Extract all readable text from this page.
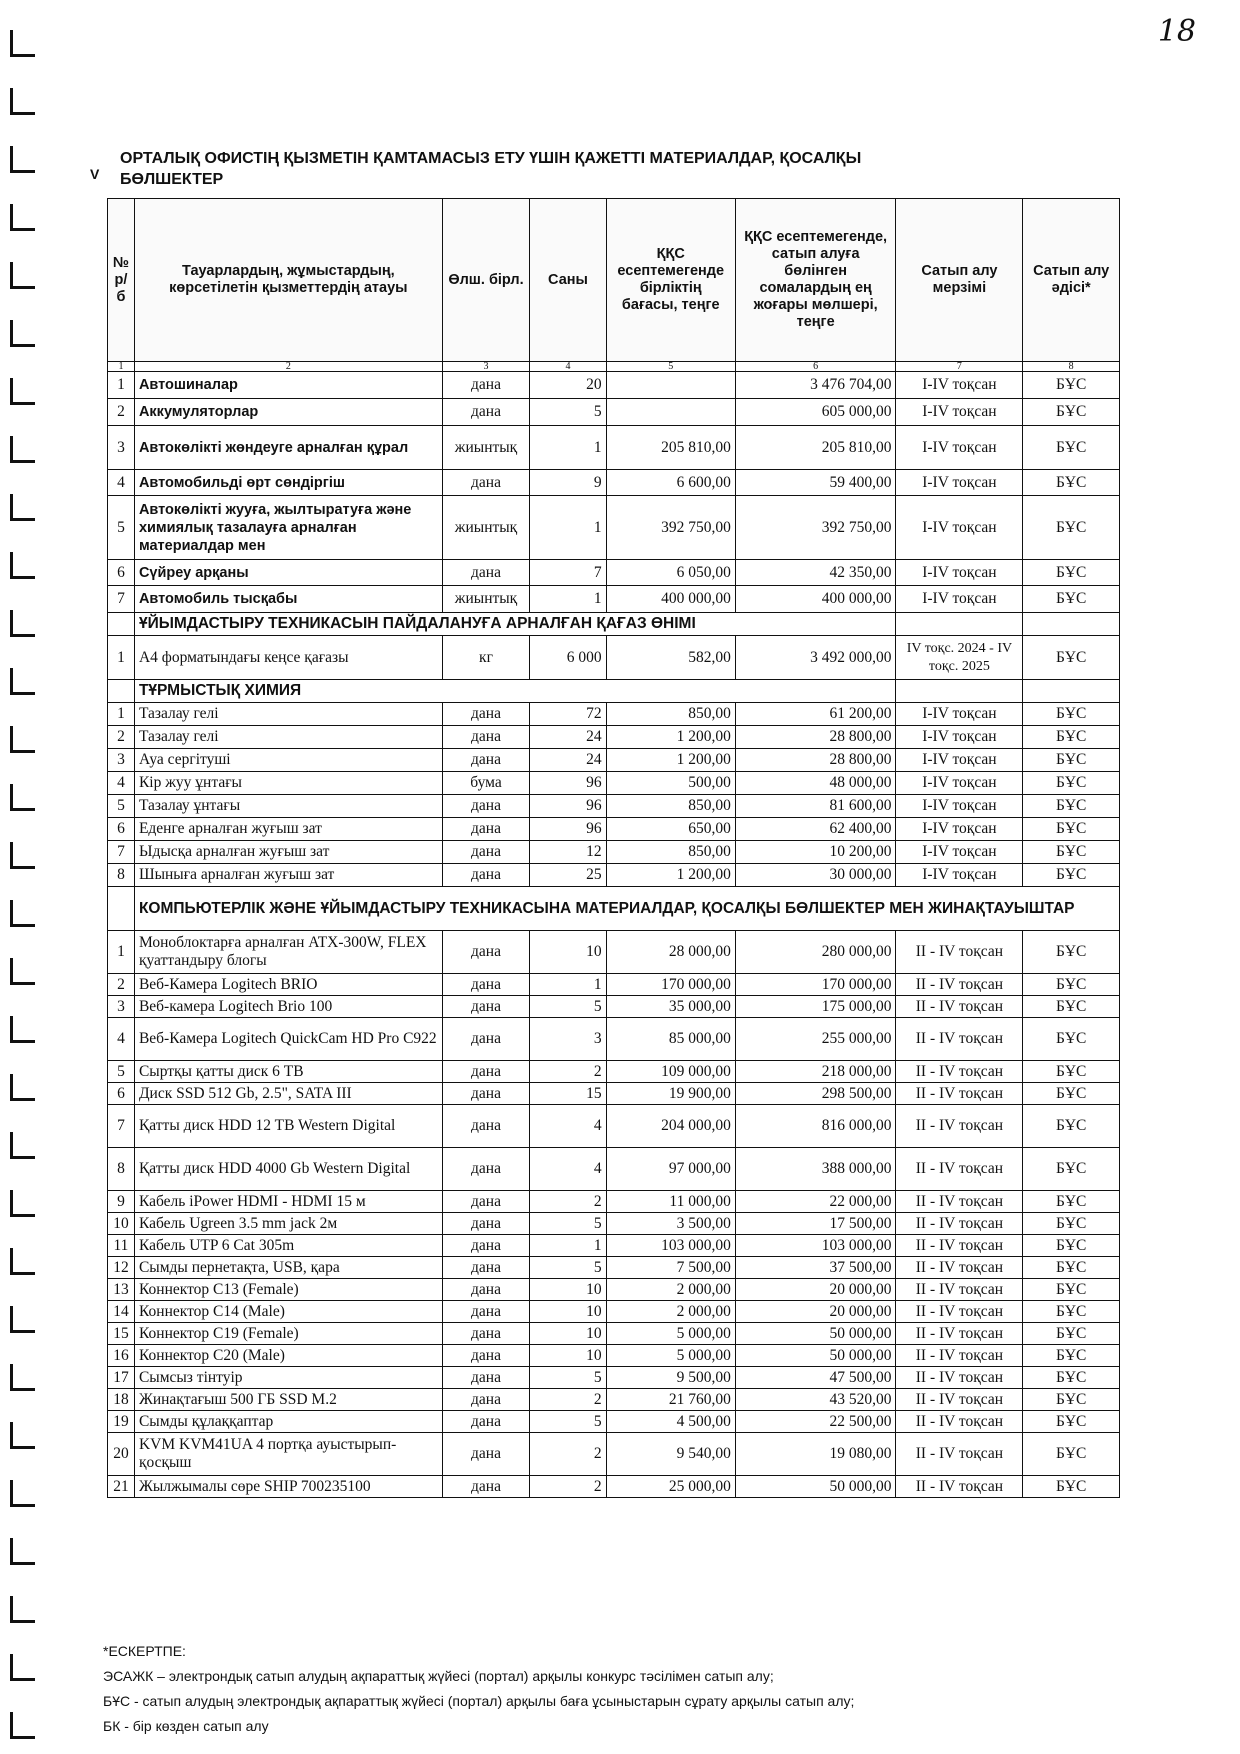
18
V
ОРТАЛЫҚ ОФИСТІҢ ҚЫЗМЕТІН ҚАМТАМАСЫЗ ЕТУ ҮШІН ҚАЖЕТТІ МАТЕРИАЛДАР, ҚОСАЛҚЫ
БӨЛШЕКТЕР
№ р/б	Тауарлардың, жұмыстардың, көрсетілетін қызметтердің атауы	Өлш. бірл.	Саны	ҚҚС есептемегенде бірліктің бағасы, теңге	ҚҚС есептемегенде, сатып алуға бөлінген сомалардың ең жоғары мөлшері, теңге	Сатып алу мерзімі	Сатып алу әдісі*
1	2	3	4	5	6	7	8
1	Автошиналар	дана	20		3 476 704,00	I-IV тоқсан	БҰС
2	Аккумуляторлар	дана	5		605 000,00	I-IV тоқсан	БҰС
3	Автокөлікті жөндеуге арналған құрал	жиынтық	1	205 810,00	205 810,00	I-IV тоқсан	БҰС
4	Автомобильді өрт сөндіргіш	дана	9	6 600,00	59 400,00	I-IV тоқсан	БҰС
5	Автокөлікті жууға, жылтыратуға және химиялық тазалауға арналған материалдар мен	жиынтық	1	392 750,00	392 750,00	I-IV тоқсан	БҰС
6	Сүйреу арқаны	дана	7	6 050,00	42 350,00	I-IV тоқсан	БҰС
7	Автомобиль тысқабы	жиынтық	1	400 000,00	400 000,00	I-IV тоқсан	БҰС
	ҰЙЫМДАСТЫРУ ТЕХНИКАСЫН ПАЙДАЛАНУҒА АРНАЛҒАН ҚАҒАЗ ӨНІМІ						
1	А4 форматындағы кеңсе қағазы	кг	6 000	582,00	3 492 000,00	IV тоқс. 2024 - IV тоқс. 2025	БҰС
	ТҰРМЫСТЫҚ ХИМИЯ						
1	Тазалау гелі	дана	72	850,00	61 200,00	I-IV тоқсан	БҰС
2	Тазалау гелі	дана	24	1 200,00	28 800,00	I-IV тоқсан	БҰС
3	Ауа сергітуші	дана	24	1 200,00	28 800,00	I-IV тоқсан	БҰС
4	Кір жуу ұнтағы	бума	96	500,00	48 000,00	I-IV тоқсан	БҰС
5	Тазалау ұнтағы	дана	96	850,00	81 600,00	I-IV тоқсан	БҰС
6	Еденге арналған жуғыш зат	дана	96	650,00	62 400,00	I-IV тоқсан	БҰС
7	Ыдысқа арналған жуғыш зат	дана	12	850,00	10 200,00	I-IV тоқсан	БҰС
8	Шыныға арналған жуғыш зат	дана	25	1 200,00	30 000,00	I-IV тоқсан	БҰС
	КОМПЬЮТЕРЛІК ЖӘНЕ ҰЙЫМДАСТЫРУ ТЕХНИКАСЫНА МАТЕРИАЛДАР, ҚОСАЛҚЫ БӨЛШЕКТЕР МЕН ЖИНАҚТАУЫШТАР						
1	Моноблоктарға арналған ATX-300W, FLEX қуаттандыру блогы	дана	10	28 000,00	280 000,00	II - IV тоқсан	БҰС
2	Веб-Камера Logitech BRIO	дана	1	170 000,00	170 000,00	II - IV тоқсан	БҰС
3	Веб-камера Logitech Brio 100	дана	5	35 000,00	175 000,00	II - IV тоқсан	БҰС
4	Веб-Камера Logitech QuickCam HD Pro C922	дана	3	85 000,00	255 000,00	II - IV тоқсан	БҰС
5	Сыртқы қатты диск 6 TB	дана	2	109 000,00	218 000,00	II - IV тоқсан	БҰС
6	Диск SSD 512 Gb, 2.5", SATA III	дана	15	19 900,00	298 500,00	II - IV тоқсан	БҰС
7	Қатты диск HDD 12 TB Western Digital	дана	4	204 000,00	816 000,00	II - IV тоқсан	БҰС
8	Қатты диск HDD 4000 Gb Western Digital	дана	4	97 000,00	388 000,00	II - IV тоқсан	БҰС
9	Кабель iPower HDMI - HDMI 15 м	дана	2	11 000,00	22 000,00	II - IV тоқсан	БҰС
10	Кабель Ugreen 3.5 mm jack 2м	дана	5	3 500,00	17 500,00	II - IV тоқсан	БҰС
11	Кабель UTP 6 Cat 305m	дана	1	103 000,00	103 000,00	II - IV тоқсан	БҰС
12	Сымды пернетақта, USB, қара	дана	5	7 500,00	37 500,00	II - IV тоқсан	БҰС
13	Коннектор C13 (Female)	дана	10	2 000,00	20 000,00	II - IV тоқсан	БҰС
14	Коннектор C14 (Male)	дана	10	2 000,00	20 000,00	II - IV тоқсан	БҰС
15	Коннектор C19 (Female)	дана	10	5 000,00	50 000,00	II - IV тоқсан	БҰС
16	Коннектор C20 (Male)	дана	10	5 000,00	50 000,00	II - IV тоқсан	БҰС
17	Сымсыз тінтуір	дана	5	9 500,00	47 500,00	II - IV тоқсан	БҰС
18	Жинақтағыш 500 ГБ SSD M.2	дана	2	21 760,00	43 520,00	II - IV тоқсан	БҰС
19	Сымды құлаққаптар	дана	5	4 500,00	22 500,00	II - IV тоқсан	БҰС
20	KVM KVM41UA 4 портқа ауыстырып-қосқыш	дана	2	9 540,00	19 080,00	II - IV тоқсан	БҰС
21	Жылжымалы сөре SHIP 700235100	дана	2	25 000,00	50 000,00	II - IV тоқсан	БҰС
*ЕСКЕРТПЕ:
ЭСАЖК – электрондық сатып алудың ақпараттық жүйесі (портал) арқылы конкурс тәсілімен сатып алу;
БҰС - сатып алудың электрондық ақпараттық жүйесі (портал) арқылы баға ұсыныстарын сұрату арқылы сатып алу;
БК - бір көзден сатып алу
